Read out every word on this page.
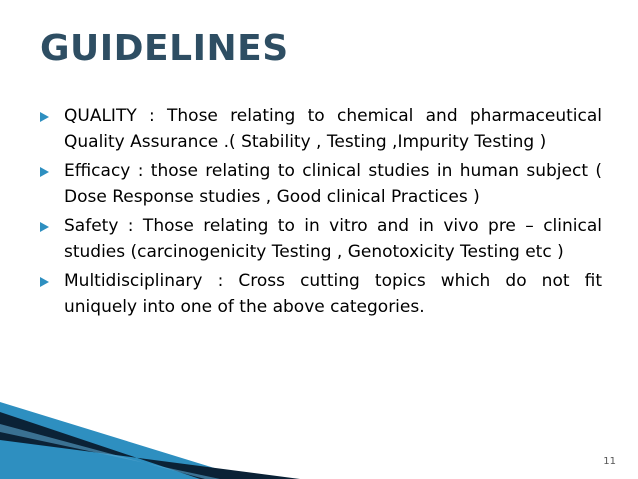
GUIDELINES
QUALITY : Those relating to chemical and pharmaceutical Quality Assurance .( Stability , Testing ,Impurity Testing )
Efficacy : those relating to clinical studies in human subject ( Dose Response studies , Good clinical Practices )
Safety : Those relating to in vitro and in vivo pre – clinical studies (carcinogenicity Testing , Genotoxicity Testing etc )
Multidisciplinary : Cross cutting topics which do not fit uniquely into one of the above categories.
11
